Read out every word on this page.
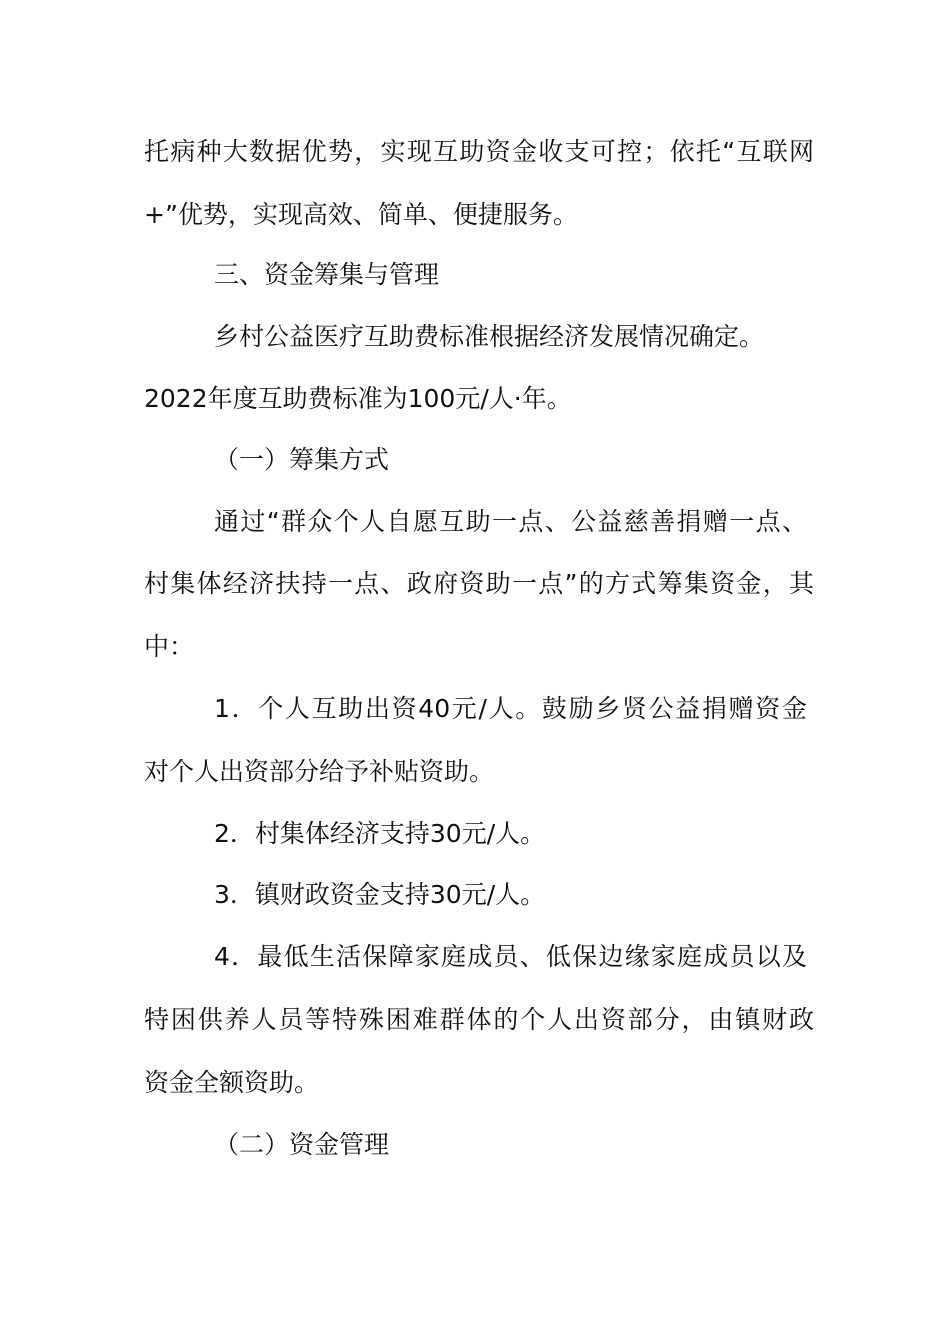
托病种大数据优势，实现互助资金收支可控；依托“互联网
+”优势，实现高效、简单、便捷服务。
三、资金筹集与管理
乡村公益医疗互助费标准根据经济发展情况确定。
2022年度互助费标准为100元/人·年。
（一）筹集方式
通过“群众个人自愿互助一点、公益慈善捐赠一点、
村集体经济扶持一点、政府资助一点”的方式筹集资金，其
中：
1．个人互助出资40元/人。鼓励乡贤公益捐赠资金
对个人出资部分给予补贴资助。
2．村集体经济支持30元/人。
3．镇财政资金支持30元/人。
4．最低生活保障家庭成员、低保边缘家庭成员以及
特困供养人员等特殊困难群体的个人出资部分，由镇财政
资金全额资助。
（二）资金管理
